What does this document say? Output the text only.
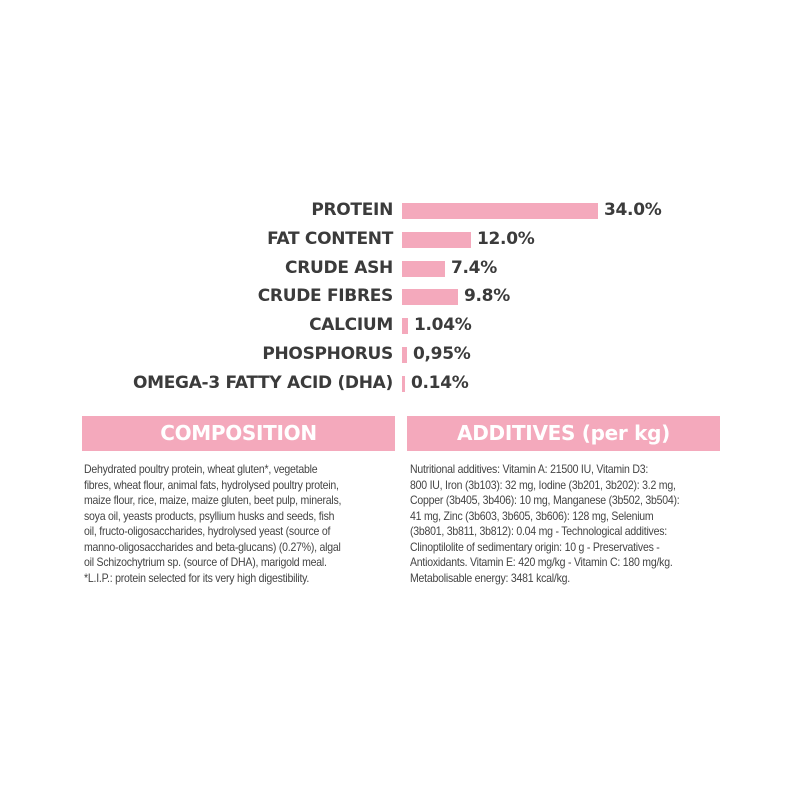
PROTEIN	34.0%
FAT CONTENT	12.0%
CRUDE ASH	7.4%
CRUDE FIBRES	9.8%
CALCIUM 1.04%
PHOSPHORUS 0,95%
OMEGA-3 FATTY ACID (DHA) 0.14%
COMPOSITION	ADDITIVES (per kg)
Dehydrated poultry protein, wheat gluten*, vegetable
fibres, wheat flour, animal fats, hydrolysed poultry protein,
maize flour, rice, maize, maize gluten, beet pulp, minerals,
soya oil, yeasts products, psyllium husks and seeds, fish
oil, fructo-oligosaccharides, hydrolysed yeast (source of
manno-oligosaccharides and beta-glucans) (0.27%), algal
oil Schizochytrium sp. (source of DHA), marigold meal.
*L.I.P.: protein selected for its very high digestibility.
Nutritional additives: Vitamin A: 21500 IU, Vitamin D3:
800 IU, Iron (3b103): 32 mg, Iodine (3b201, 3b202): 3.2 mg,
Copper (3b405, 3b406): 10 mg, Manganese (3b502, 3b504):
41 mg, Zinc (3b603, 3b605, 3b606): 128 mg, Selenium
(3b801, 3b811, 3b812): 0.04 mg - Technological additives:
Clinoptilolite of sedimentary origin: 10 g - Preservatives -
Antioxidants. Vitamin E: 420 mg/kg - Vitamin C: 180 mg/kg.
Metabolisable energy: 3481 kcal/kg.
